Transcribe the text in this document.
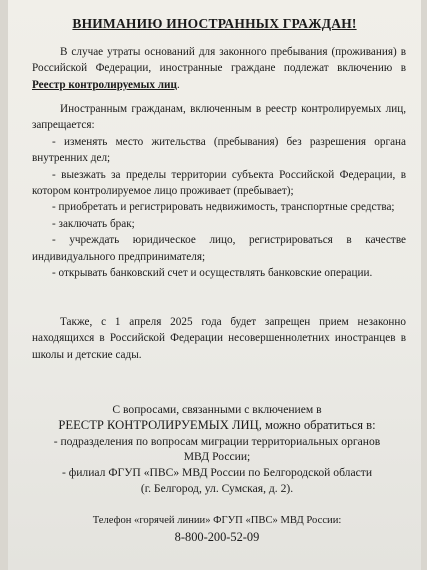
ВНИМАНИЮ ИНОСТРАННЫХ ГРАЖДАН!
В случае утраты оснований для законного пребывания (проживания) в Российской Федерации, иностранные граждане подлежат включению в Реестр контролируемых лиц.
Иностранным гражданам, включенным в реестр контролируемых лиц, запрещается:
- изменять место жительства (пребывания) без разрешения органа внутренних дел;
- выезжать за пределы территории субъекта Российской Федерации, в котором контролируемое лицо проживает (пребывает);
- приобретать и регистрировать недвижимость, транспортные средства;
- заключать брак;
- учреждать юридическое лицо, регистрироваться в качестве индивидуального предпринимателя;
- открывать банковский счет и осуществлять банковские операции.
Также, с 1 апреля 2025 года будет запрещен прием незаконно находящихся в Российской Федерации несовершеннолетних иностранцев в школы и детские сады.
С вопросами, связанными с включением в
РЕЕСТР КОНТРОЛИРУЕМЫХ ЛИЦ, можно обратиться в:
- подразделения по вопросам миграции территориальных органов
МВД России;
- филиал ФГУП «ПВС» МВД России по Белгородской области
(г. Белгород, ул. Сумская, д. 2).
Телефон «горячей линии» ФГУП «ПВС» МВД России:
8-800-200-52-09
